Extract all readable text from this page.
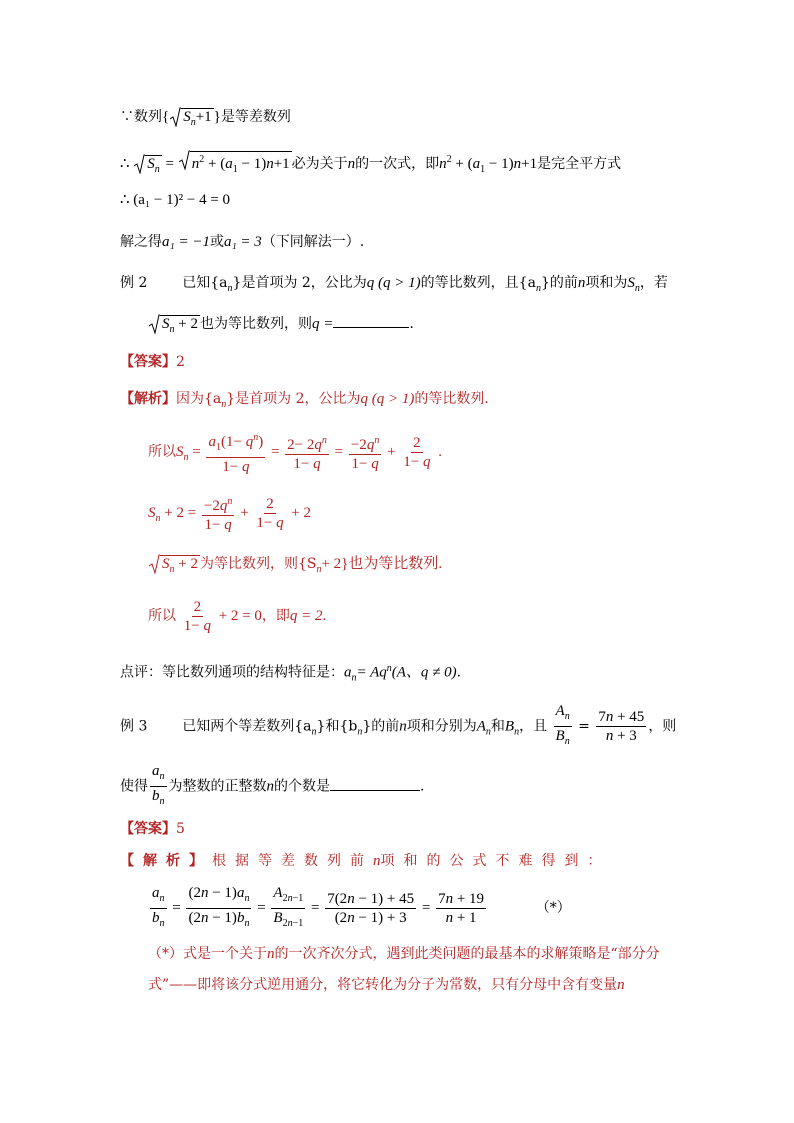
∵数列{ $S_n+1$ }是等差数列
∴ $S_n$ =
$n^2 + (a_1 - 1)n+1$ 必为关于n的一次式，即$n^2 + (a_1 - 1)n+1$是完全平方式
∴ (a₁ − 1)² − 4 = 0
解之得a₁ = −1或a₁ = 3（下同解法一）.
例 2 已知$\{a_n\}$是首项为 2，公比为q (q > 1)的等比数列，且$\{a_n\}$的前n项和为$S_n$，若
$S_n + 2$ 也为等比数列，则q =	.
【答案】2
【解析】因为$\{a_n\}$是首项为 2，公比为q (q > 1)的等比数列.
所以$S_n = \frac{a_1(1- q^n)}{1- q} = \frac{2- 2q^n}{1- q} = \frac{-2q^n}{1- q} + \frac{2}{1- q}$ .
$S_n + 2 = \frac{-2q^n}{1- q} + \frac{2}{1- q} + 2$
$S_n + 2$ 为等比数列，则$\{S_n+ 2\}$也为等比数列.
所以 $\frac{2}{1- q} + 2 = 0$，即q = 2.
点评：等比数列通项的结构特征是：$a_n= Aq^n(A$、q ≠ 0).
例 3 已知两个等差数列$\{a_n\}$和$\{b_n\}$的前n项和分别为$A_n$和$B_n$，且 $\frac{A_n}{B_n} = \frac{7n + 45}{n + 3}$ ，则
使得 $\frac{a_n}{b_n}$ 为整数的正整数n的个数是	.
【答案】5
【解析】根据等差数列前n项和的公式不难得到：
$\frac{a_n}{b_n} = \frac{(2n - 1)a_n}{(2n - 1)b_n} = \frac{A_{2n-1}}{B_{2n-1}} = \frac{7(2n - 1) + 45}{(2n - 1) + 3} = \frac{7n + 19}{n + 1}$	（*）
（*）式是一个关于n的一次齐次分式，遇到此类问题的最基本的求解策略是“部分分
式”——即将该分式逆用通分，将它转化为分子为常数，只有分母中含有变量n
